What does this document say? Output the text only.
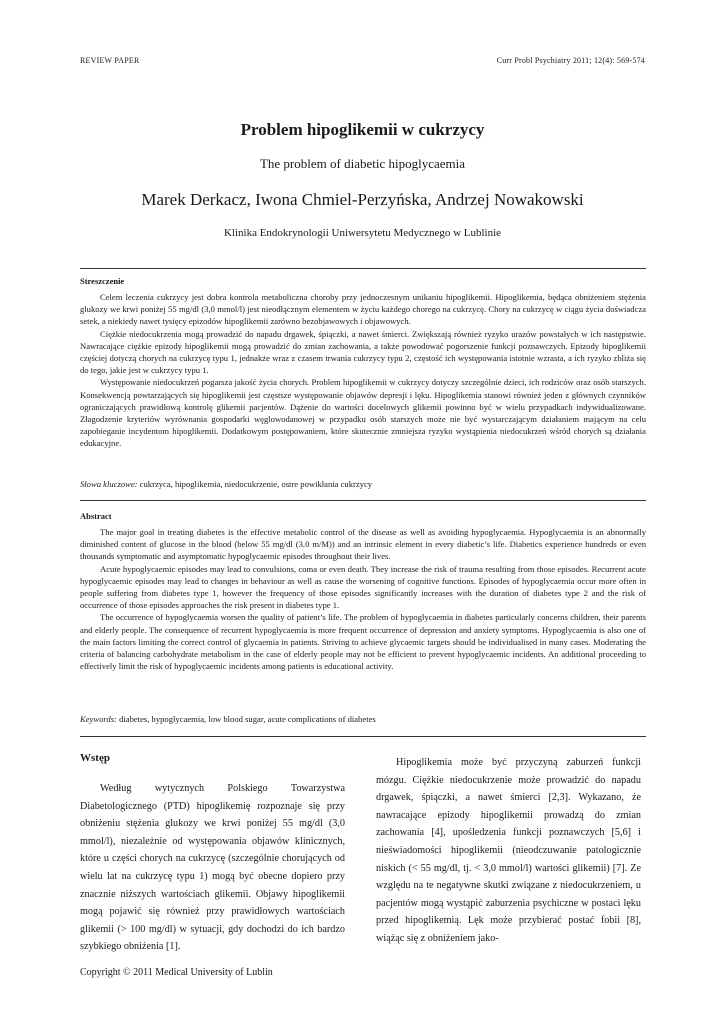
REVIEW PAPER	Curr Probl Psychiatry 2011; 12(4): 569-574
Problem hipoglikemii w cukrzycy
The problem of diabetic hipoglycaemia
Marek Derkacz, Iwona Chmiel-Perzyńska, Andrzej Nowakowski
Klinika Endokrynologii Uniwersytetu Medycznego w Lublinie
Streszczenie

Celem leczenia cukrzycy jest dobra kontrola metaboliczna choroby przy jednoczesnym unikaniu hipoglikemii. Hipoglikemia, będąca obniżeniem stężenia glukozy we krwi poniżej 55 mg/dl (3,0 mmol/l) jest nieodłącznym elementem w życiu każdego chorego na cukrzycę. Chory na cukrzycę w ciągu życia doświadcza setek, a niekiedy nawet tysięcy epizodów hipoglikemii zarówno bezobjawowych i objawowych.

Ciężkie niedocukrzenia mogą prowadzić do napadu drgawek, śpiączki, a nawet śmierci. Zwiększają również ryzyko urazów powstałych w ich następstwie. Nawracające ciężkie epizody hipoglikemii mogą prowadzić do zmian zachowania, a także powodować pogorszenie funkcji poznawczych. Epizody hipoglikemii częściej dotyczą chorych na cukrzycę typu 1, jednakże wraz z czasem trwania cukrzycy typu 2, częstość ich występowania istotnie wzrasta, a ich ryzyko zbliża się do tego, jakie jest w cukrzycy typu 1.

Występowanie niedocukrzeń pogarsza jakość życia chorych. Problem hipoglikemii w cukrzycy dotyczy szczególnie dzieci, ich rodziców oraz osób starszych. Konsekwencją powtarzających się hipoglikemii jest częstsze występowanie objawów depresji i lęku. Hipoglikemia stanowi również jeden z głównych czynników ograniczających prawidłową kontrolę glikemii pacjentów. Dążenie do wartości docelowych glikemii powinno być w wielu przypadkach indywidualizowane. Złagodzenie kryteriów wyrównania gospodarki węglowodanowej w przypadku osób starszych może nie być wystarczającym działaniem mającym na celu zapobieganie incydentom hipoglikemii. Dodatkowym postępowaniem, które skutecznie zmniejsza ryzyko wystąpienia niedocukrzeń wśród chorych są działania edukacyjne.

Słowa kluczowe: cukrzyca, hipoglikemia, niedocukrzenie, ostre powikłania cukrzycy
Abstract

The major goal in treating diabetes is the effective metabolic control of the disease as well as avoiding hypoglycaemia. Hypoglycaemia is an abnormally diminished content of glucose in the blood (below 55 mg/dl (3.0 m/M)) and an intrinsic element in every diabetic’s life. Diabetics experience hundreds or even thousands symptomatic and asymptomatic hypoglycaemic episodes throughout their lives.

Acute hypoglycaemic episodes may lead to convulsions, coma or even death. They increase the risk of trauma resulting from those episodes. Recurrent acute hypoglycaemic episodes may lead to changes in behaviour as well as cause the worsening of cognitive functions. Episodes of hypoglycaemia occur more often in people suffering from diabetes type 1, however the frequency of those episodes significantly increases with the duration of diabetes type 2 and the risk of occurrence of those episodes approaches the risk present in diabetes type 1.

The occurrence of hypoglycaemia worsen the quality of patient’s life. The problem of hypoglycaemia in diabetes particularly concerns children, their parents and elderly people. The consequence of recurrent hypoglycaemia is more frequent occurrence of depression and anxiety symptoms. Hypoglycaemia is also one of the main factors limiting the correct control of glycaemia in patients. Striving to achieve glycaemic targets should be individualised in many cases. Moderating the criteria of balancing carbohydrate metabolism in the case of elderly people may not be efficient to prevent hypoglycaemic incidents. An additional proceeding to effectively limit the risk of hypoglycaemic incidents among patients is educational activity.

Keywords: diabetes, hypoglycaemia, low blood sugar, acute complications of diabetes
Wstęp

Według wytycznych Polskiego Towarzystwa Diabetologicznego (PTD) hipoglikemię rozpoznaje się przy obniżeniu stężenia glukozy we krwi poniżej 55 mg/dl (3,0 mmol/l), niezależnie od występowania objawów klinicznych, które u części chorych na cukrzycę (szczególnie chorujących od wielu lat na cukrzycę typu 1) mogą być obecne dopiero przy znacznie niższych wartościach glikemii. Objawy hipoglikemii mogą pojawić się również przy prawidłowych wartościach glikemii (> 100 mg/dl) w sytuacji, gdy dochodzi do ich bardzo szybkiego obniżenia [1].

Hipoglikemia może być przyczyną zaburzeń funkcji mózgu. Ciężkie niedocukrzenie może prowadzić do napadu drgawek, śpiączki, a nawet śmierci [2,3]. Wykazano, że nawracające epizody hipoglikemii prowadzą do zmian zachowania [4], upośledzenia funkcji poznawczych [5,6] i nieświadomości hipoglikemii (nieodczuwanie patologicznie niskich (< 55 mg/dl, tj. < 3,0 mmol/l) wartości glikemii) [7]. Ze względu na te negatywne skutki związane z niedocukrzeniem, u pacjentów mogą wystąpić zaburzenia psychiczne w postaci lęku przed hipoglikemią. Lęk może przybierać postać fobii [8], wiążąc się z obniżeniem jako-

Copyright © 2011 Medical University of Lublin
